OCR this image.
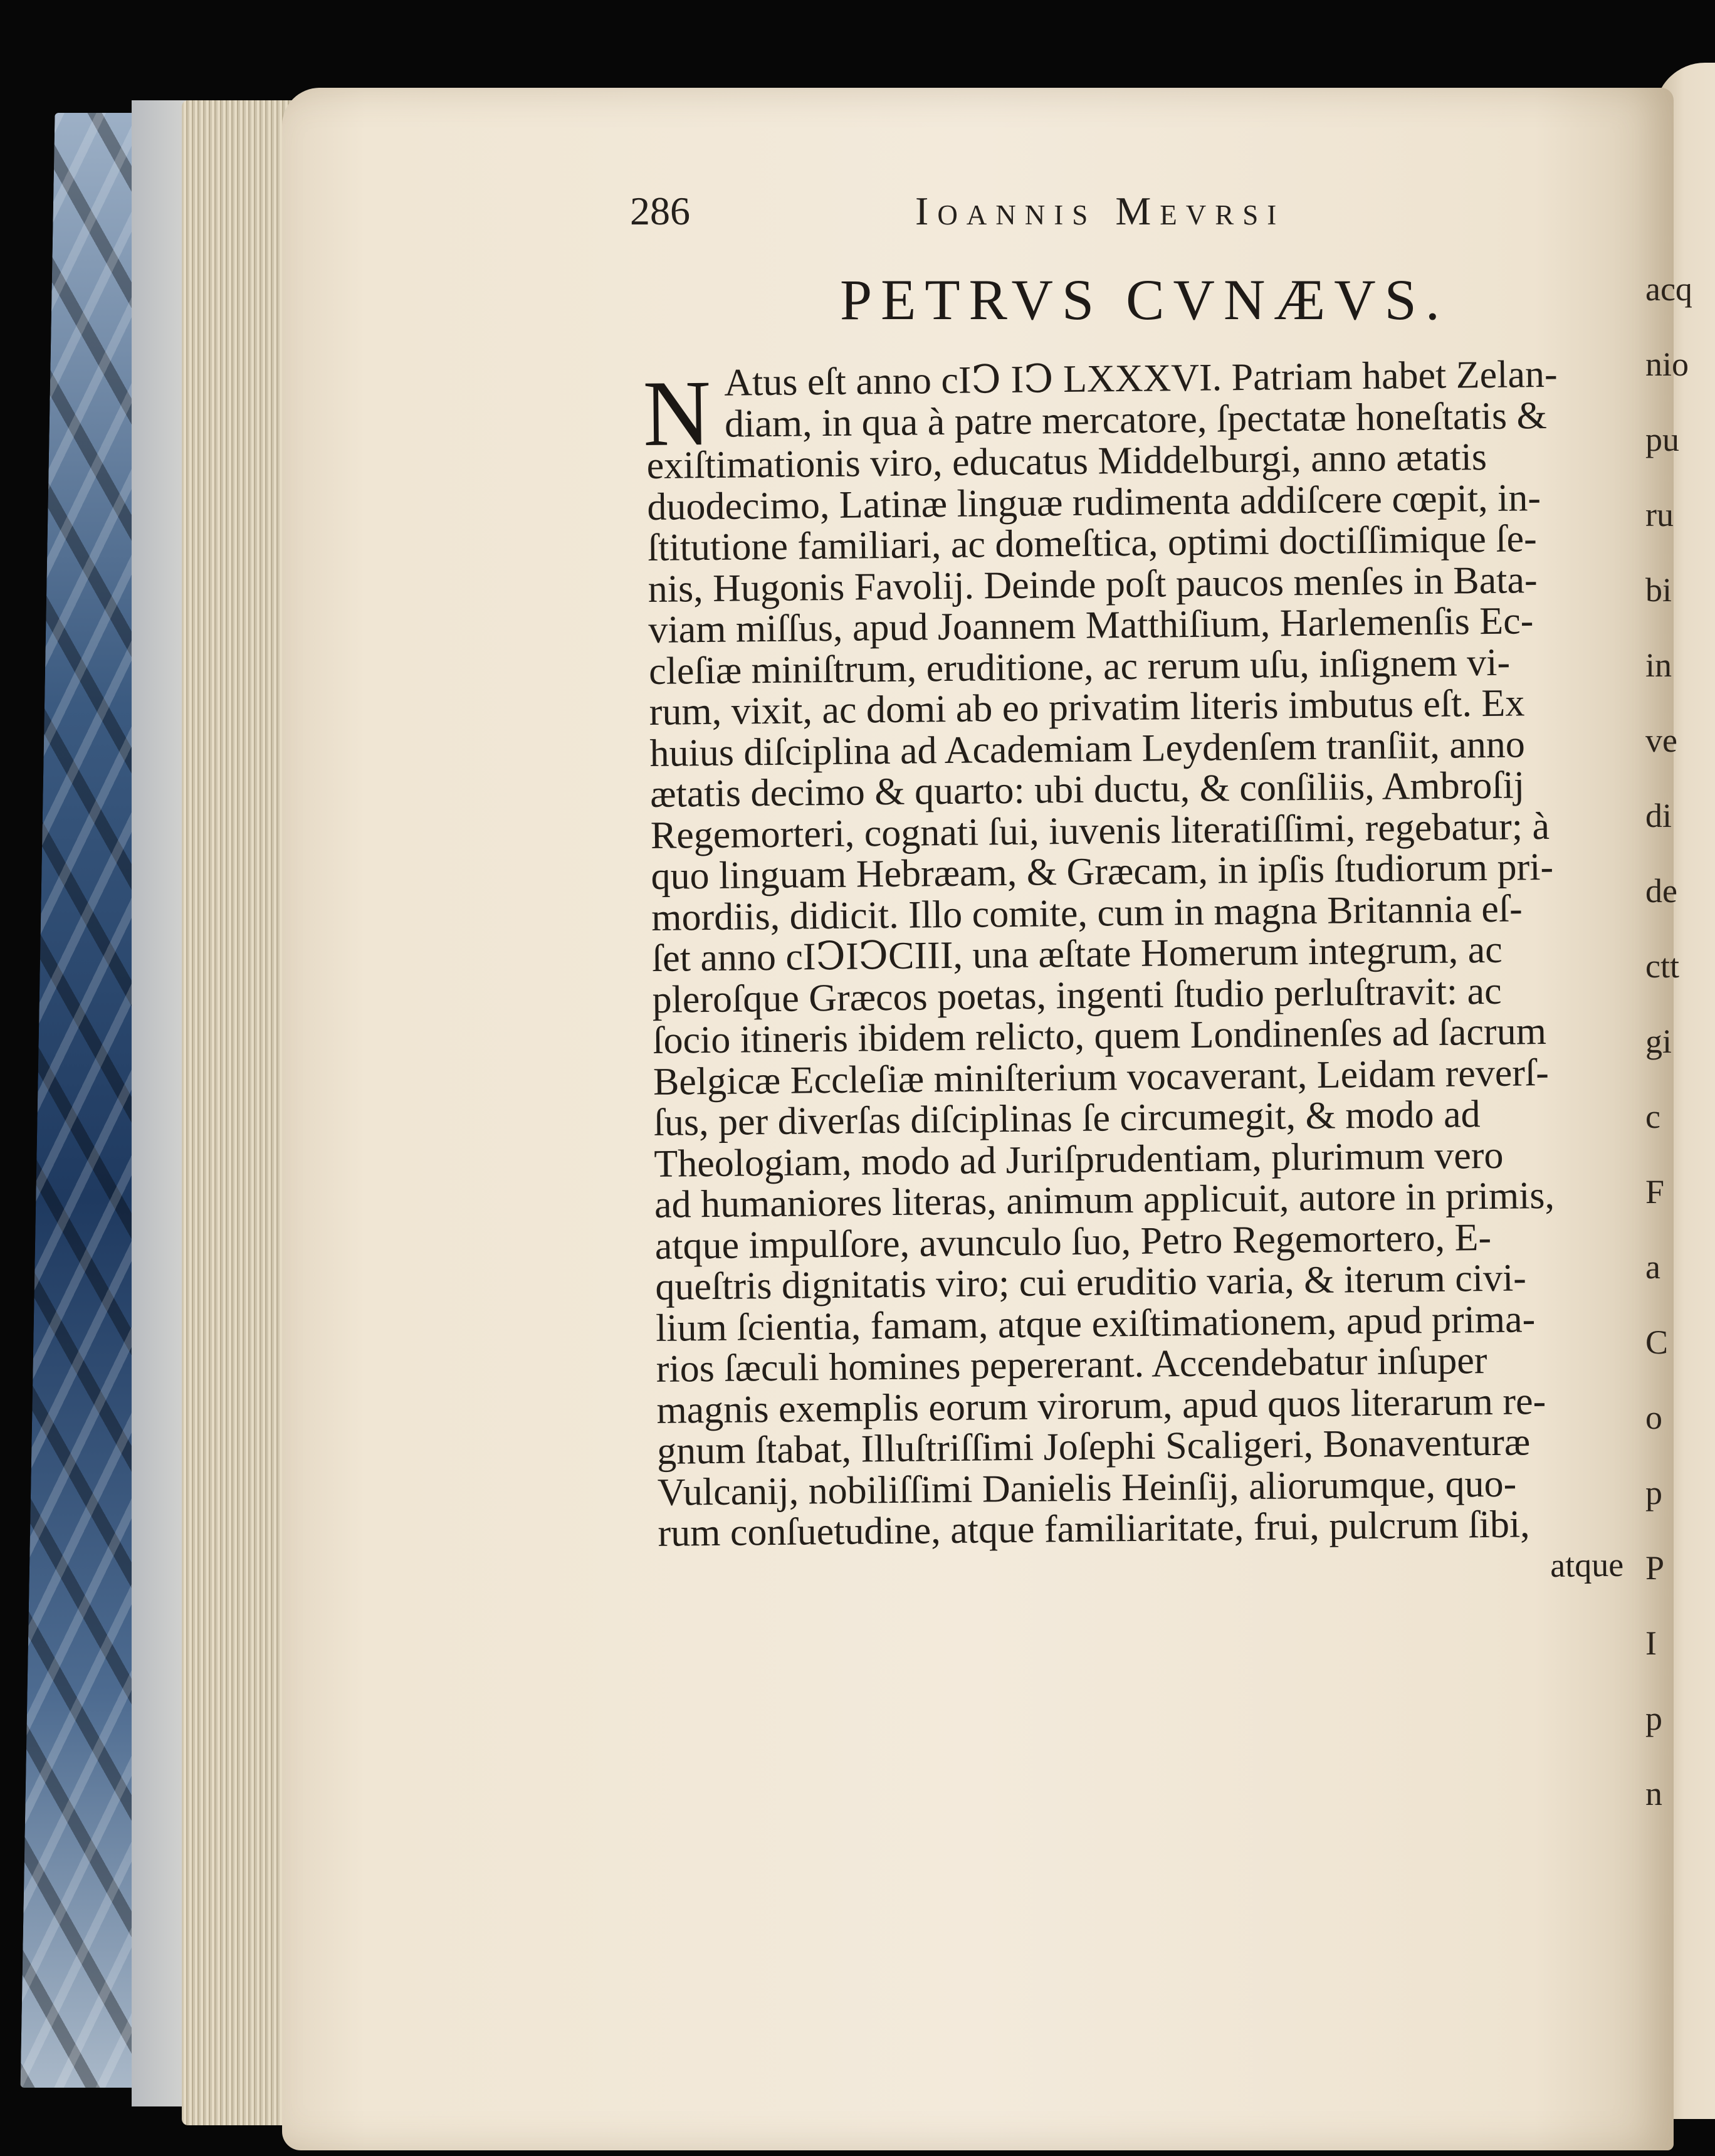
acq
nio
pu
ru
bi
in
ve
di
de
ctt
gi
c
F
a
C
o
p
P
I
p
n
286	Ioannis Mevrsi
PETRVS CVNÆVS.
N Atus eſt anno cIↃ IↃ LXXXVI. Patriam habet Zelan-
diam, in qua à patre mercatore, ſpectatæ honeſtatis &
exiſtimationis viro, educatus Middelburgi, anno ætatis
duodecimo, Latinæ linguæ rudimenta addiſcere cœpit, in-
ſtitutione familiari, ac domeſtica, optimi doctiſſimique ſe-
nis, Hugonis Favolij. Deinde poſt paucos menſes in Bata-
viam miſſus, apud Joannem Matthiſium, Harlemenſis Ec-
cleſiæ miniſtrum, eruditione, ac rerum uſu, inſignem vi-
rum, vixit, ac domi ab eo privatim literis imbutus eſt. Ex
huius diſciplina ad Academiam Leydenſem tranſiit, anno
ætatis decimo & quarto: ubi ductu, & conſiliis, Ambroſij
Regemorteri, cognati ſui, iuvenis literatiſſimi, regebatur; à
quo linguam Hebræam, & Græcam, in ipſis ſtudiorum pri-
mordiis, didicit. Illo comite, cum in magna Britannia eſ-
ſet anno cIↃIↃCIII, una æſtate Homerum integrum, ac
pleroſque Græcos poetas, ingenti ſtudio perluſtravit: ac
ſocio itineris ibidem relicto, quem Londinenſes ad ſacrum
Belgicæ Eccleſiæ miniſterium vocaverant, Leidam reverſ-
ſus, per diverſas diſciplinas ſe circumegit, & modo ad
Theologiam, modo ad Juriſprudentiam, plurimum vero
ad humaniores literas, animum applicuit, autore in primis,
atque impulſore, avunculo ſuo, Petro Regemortero, E-
queſtris dignitatis viro; cui eruditio varia, & iterum civi-
lium ſcientia, famam, atque exiſtimationem, apud prima-
rios ſæculi homines pepererant. Accendebatur inſuper
magnis exemplis eorum virorum, apud quos literarum re-
gnum ſtabat, Illuſtriſſimi Joſephi Scaligeri, Bonaventuræ
Vulcanij, nobiliſſimi Danielis Heinſij, aliorumque, quo-
rum conſuetudine, atque familiaritate, frui, pulcrum ſibi,
atque
